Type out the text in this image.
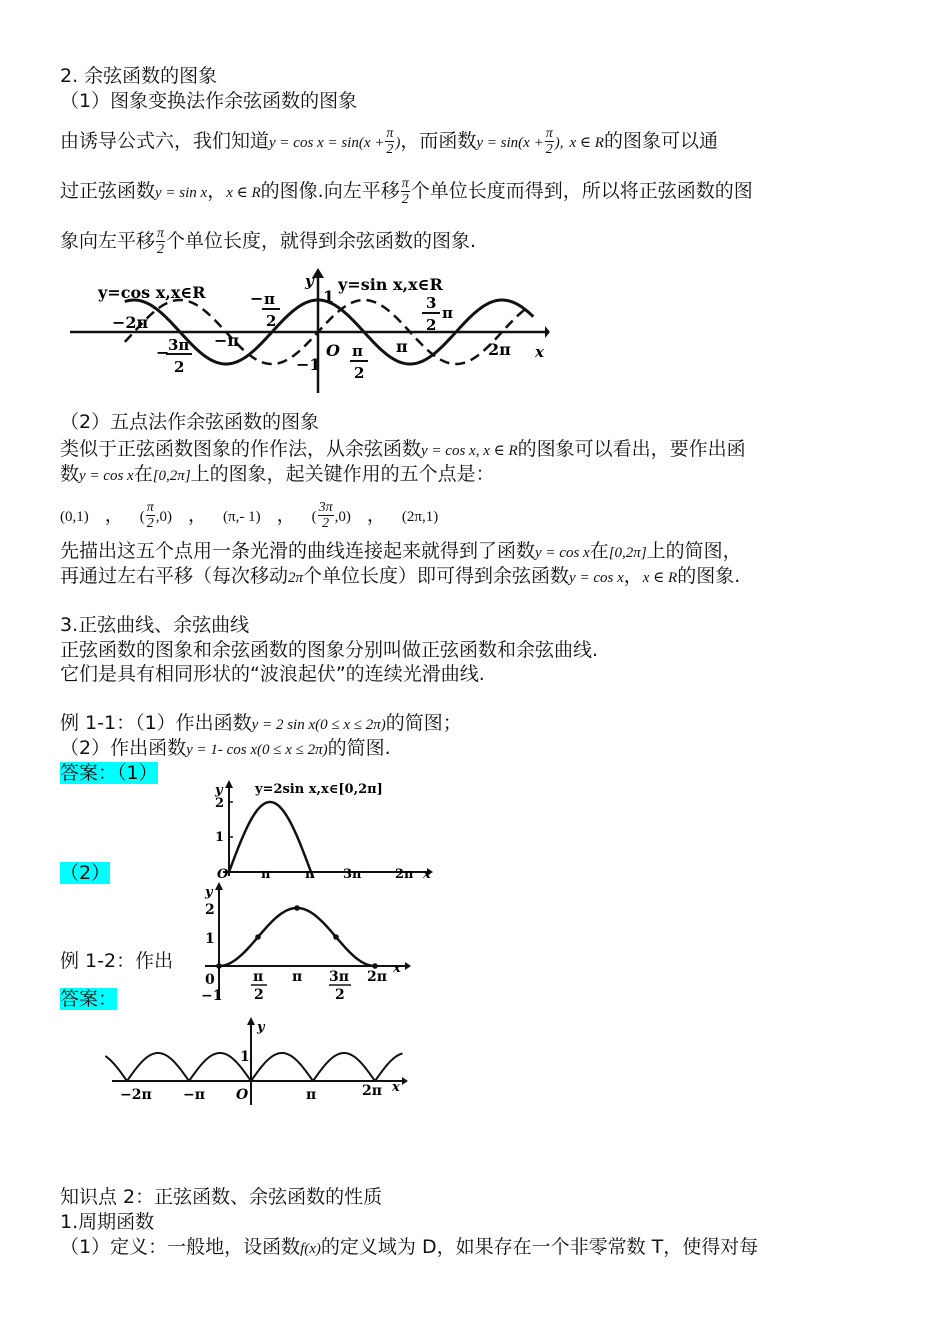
2. 余弦函数的图象
（1）图象变换法作余弦函数的图象
由诱导公式六，我们知道$y = \cos x = \sin(x + \frac{\pi}{2}$ )，而函数$y = \sin(x + \frac{\pi}{2}$ ), x ∈ R的图象可以通
过正弦函数y = sin x，x ∈ R的图像.向左平移 $\frac{\pi}{2}$ 个单位长度而得到，所以将正弦函数的图
象向左平移 $\frac{\pi}{2}$ 个单位长度，就得到余弦函数的图象.
y=cos x,x∈R	y=sin x,x∈R
y
x
1
−1
O
−2π
−π	π	2π
−
3π
2
− π
2
π
2
3
π
2
（2）五点法作余弦函数的图象
类似于正弦函数图象的作作法，从余弦函数y = cos x, x ∈ R的图象可以看出，要作出函
数y = cos x在[0,2π]上的图象，起关键作用的五个点是：
(0,1) ， ( $\frac{\pi}{2} ,0$) ， (π,- 1) ， ( $\frac{3\pi}{2} ,0$) ， (2π,1)
先描出这五个点用一条光滑的曲线连接起来就得到了函数y = cos x在[0,2π]上的简图，
再通过左右平移（每次移动2π个单位长度）即可得到余弦函数y = cos x，x ∈ R的图象.
3.正弦曲线、余弦曲线
正弦函数的图象和余弦函数的图象分别叫做正弦函数和余弦曲线.
它们是具有相同形状的“波浪起伏”的连续光滑曲线.
例 1-1：（1）作出函数y = 2 sin x(0 ≤ x ≤ 2π)的简图；
（2）作出函数y = 1- cos x(0 ≤ x ≤ 2π)的简图.
答案：（1）
（2）
y
2
1
O
y=2sin x,x∈[0,2π]
π	π 3π	2π x
y
2
1
0
−1
π
2
π 3π
2
2π
x
例 1-2：作出
答案：
y
1
O
−2π −π	π	2π x
知识点 2：正弦函数、余弦函数的性质
1.周期函数
（1）定义：一般地，设函数f(x)的定义域为 D，如果存在一个非零常数 T，使得对每
